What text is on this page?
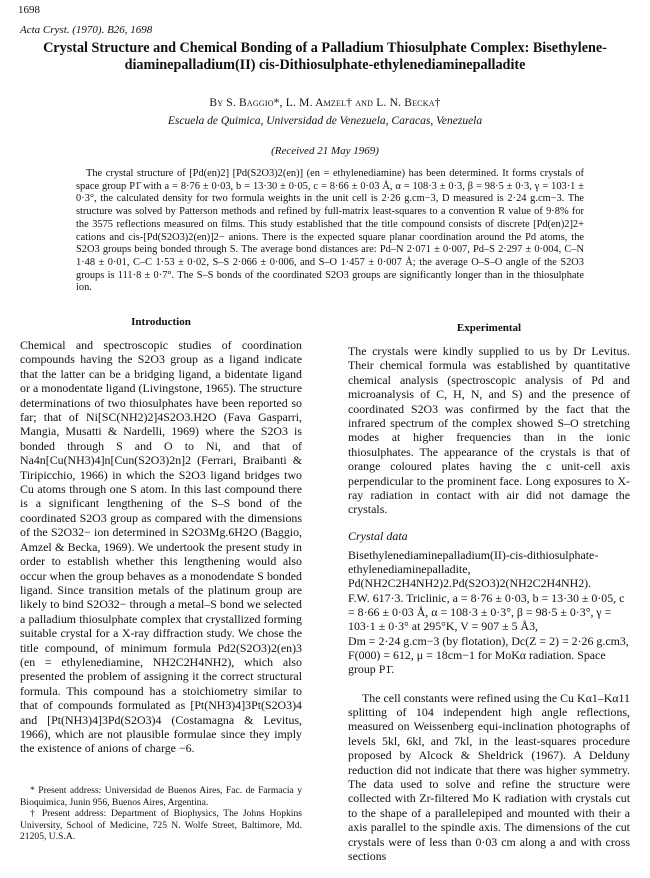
1698
Acta Cryst. (1970). B26, 1698
Crystal Structure and Chemical Bonding of a Palladium Thiosulphate Complex: Bisethylene-
diaminepalladium(II) cis-Dithiosulphate-ethylenediaminepalladite
By S. Baggio*, L. M. Amzel† and L. N. Becka†
Escuela de Quimica, Universidad de Venezuela, Caracas, Venezuela
(Received 21 May 1969)

The crystal structure of [Pd(en)2] [Pd(S2O3)2(en)] (en = ethylenediamine) has been determined. It forms crystals of space group P1̄ with a = 8·76 ± 0·03, b = 13·30 ± 0·05, c = 8·66 ± 0·03 Å, α = 108·3 ± 0·3, β = 98·5 ± 0·3, γ = 103·1 ± 0·3°, the calculated density for two formula weights in the unit cell is 2·26 g.cm−3, D measured is 2·24 g.cm−3. The structure was solved by Patterson methods and refined by full-matrix least-squares to a convention R value of 9·8% for the 3575 reflections measured on films. This study established that the title compound consists of discrete [Pd(en)2]2+ cations and cis-[Pd(S2O3)2(en)]2− anions. There is the expected square planar coordination around the Pd atoms, the S2O3 groups being bonded through S. The average bond distances are: Pd–N 2·071 ± 0·007, Pd–S 2·297 ± 0·004, C–N 1·48 ± 0·01, C–C 1·53 ± 0·02, S–S 2·066 ± 0·006, and S–O 1·457 ± 0·007 Å; the average O–S–O angle of the S2O3 groups is 111·8 ± 0·7°. The S–S bonds of the coordinated S2O3 groups are significantly longer than in the thiosulphate ion.

Introduction

Chemical and spectroscopic studies of coordination compounds having the S2O3 group as a ligand indicate that the latter can be a bridging ligand, a bidentate ligand or a monodentate ligand (Livingstone, 1965). The structure determinations of two thiosulphates have been reported so far; that of Ni[SC(NH2)2]4S2O3.H2O (Fava Gasparri, Mangia, Musatti & Nardelli, 1969) where the S2O3 is bonded through S and O to Ni, and that of Na4n[Cu(NH3)4]n[Cun(S2O3)2n]2 (Ferrari, Braibanti & Tiripicchio, 1966) in which the S2O3 ligand bridges two Cu atoms through one S atom. In this last compound there is a significant lengthening of the S–S bond of the coordinated S2O3 group as compared with the dimensions of the S2O32− ion determined in S2O3Mg.6H2O (Baggio, Amzel & Becka, 1969). We undertook the present study in order to establish whether this lengthening would also occur when the group behaves as a monodendate S bonded ligand. Since transition metals of the platinum group are likely to bind S2O32− through a metal–S bond we selected a palladium thiosulphate complex that crystallized forming suitable crystal for a X-ray diffraction study. We chose the title compound, of minimum formula Pd2(S2O3)2(en)3 (en = ethylenediamine, NH2C2H4NH2), which also presented the problem of assigning it the correct structural formula. This compound has a stoichiometry similar to that of compounds formulated as [Pt(NH3)4]3Pt(S2O3)4 and [Pt(NH3)4]3Pd(S2O3)4 (Costamagna & Levitus, 1966), which are not plausible formulae since they imply the existence of anions of charge −6.

* Present address: Universidad de Buenos Aires, Fac. de Farmacia y Bioquimica, Junin 956, Buenos Aires, Argentina.

† Present address: Department of Biophysics, The Johns Hopkins University, School of Medicine, 725 N. Wolfe Street, Baltimore, Md. 21205, U.S.A.

Experimental

The crystals were kindly supplied to us by Dr Levitus. Their chemical formula was established by quantitative chemical analysis (spectroscopic analysis of Pd and microanalysis of C, H, N, and S) and the presence of coordinated S2O3 was confirmed by the fact that the infrared spectrum of the complex showed S–O stretching modes at higher frequencies than in the ionic thiosulphates. The appearance of the crystals is that of orange coloured plates having the c unit-cell axis perpendicular to the prominent face. Long exposures to X-ray radiation in contact with air did not damage the crystals.

Crystal data

Bisethylenediaminepalladium(II)-cis-dithiosulphate-ethylenediaminepalladite,

Pd(NH2C2H4NH2)2.Pd(S2O3)2(NH2C2H4NH2).

F.W. 617·3. Triclinic, a = 8·76 ± 0·03, b = 13·30 ± 0·05, c = 8·66 ± 0·03 Å, α = 108·3 ± 0·3°, β = 98·5 ± 0·3°, γ = 103·1 ± 0·3° at 295°K, V = 907 ± 5 Å3,

Dm = 2·24 g.cm−3 (by flotation), Dc(Z = 2) = 2·26 g.cm3, F(000) = 612, μ = 18cm−1 for MoKα radiation. Space group P1̄.

The cell constants were refined using the Cu Kα1–Kα11 splitting of 104 independent high angle reflections, measured on Weissenberg equi-inclination photographs of levels 5kl, 6kl, and 7kl, in the least-squares procedure proposed by Alcock & Sheldrick (1967). A Delduny reduction did not indicate that there was higher symmetry. The data used to solve and refine the structure were collected with Zr-filtered Mo K radiation with crystals cut to the shape of a parallelepiped and mounted with their a axis parallel to the spindle axis. The dimensions of the cut crystals were of less than 0·03 cm along a and with cross sections
